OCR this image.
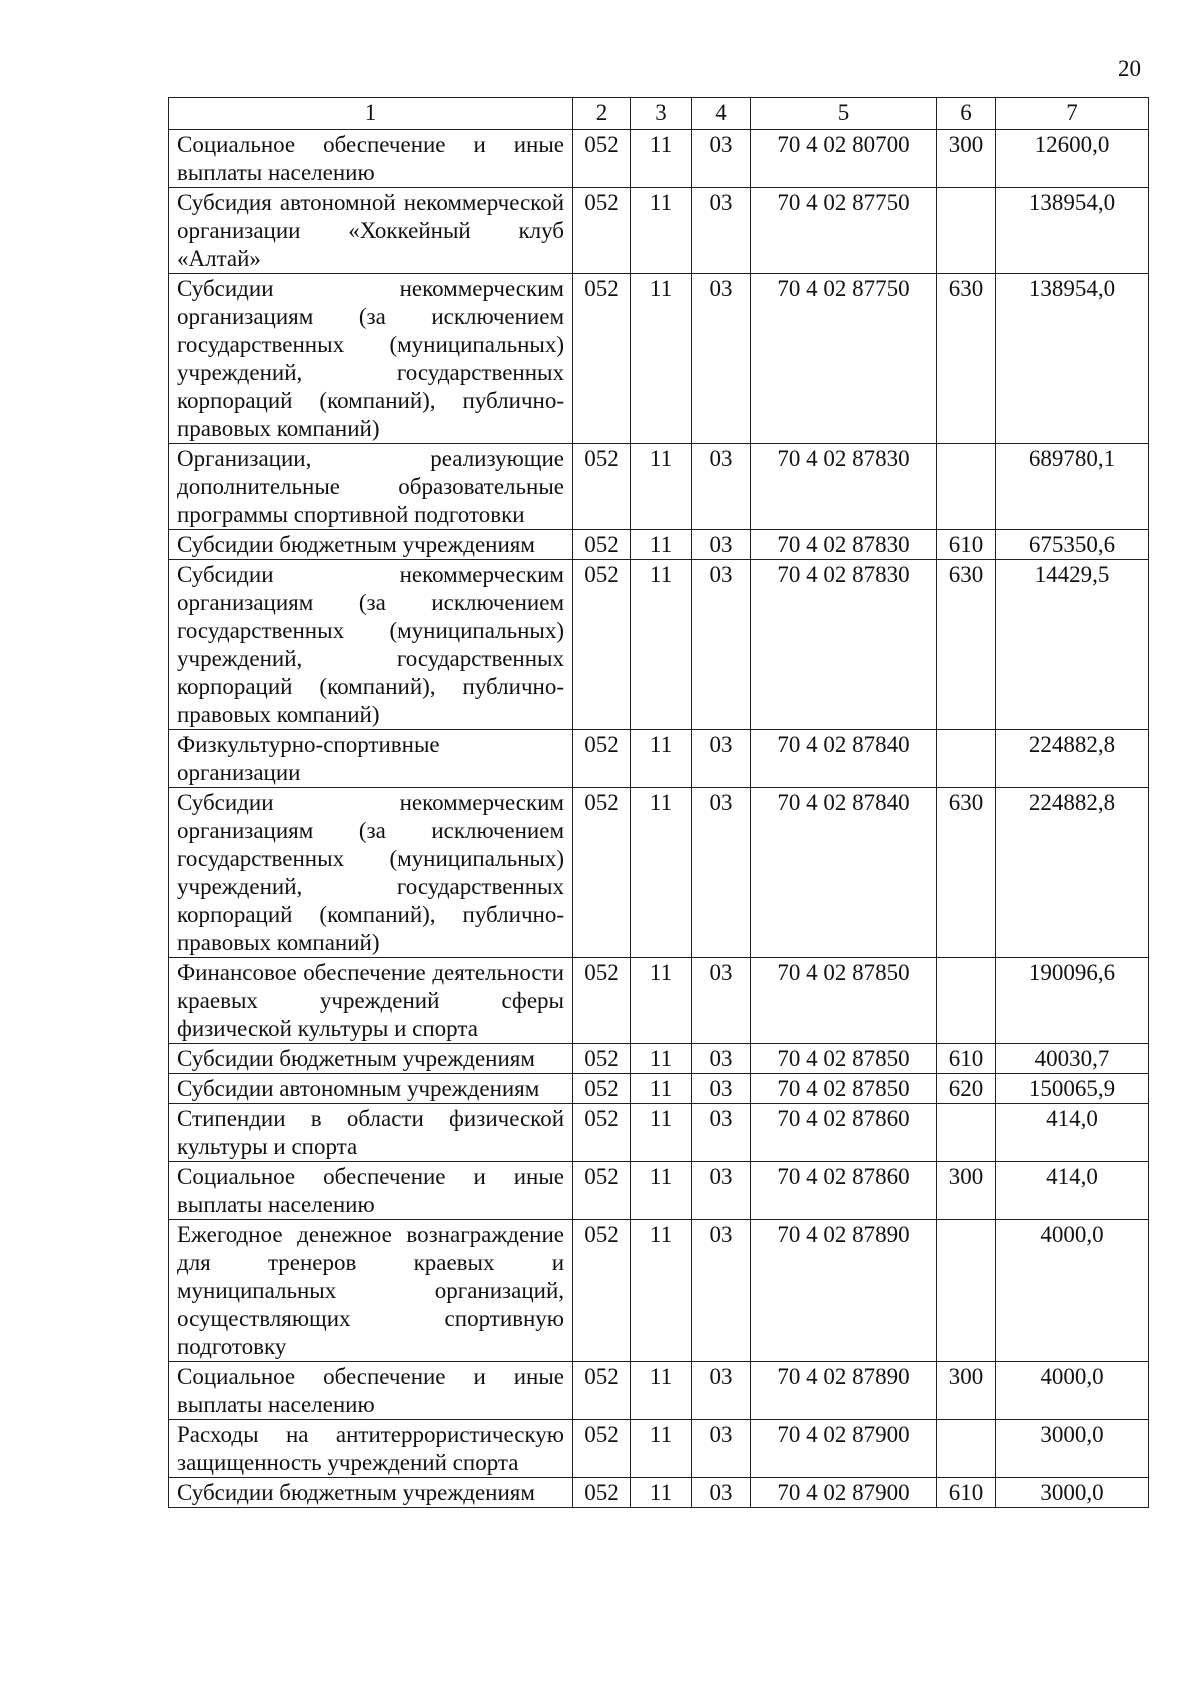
20
1	2	3	4	5	6	7
Социальное обеспечение и иные выплаты населению	052	11	03	70 4 02 80700	300	12600,0
Субсидия автономной некоммерческой организации «Хоккейный клуб «Алтай»	052	11	03	70 4 02 87750		138954,0
Субсидии некоммерческим организациям (за исключением государственных (муниципальных) учреждений, государственных корпораций (компаний), публично-правовых компаний)	052	11	03	70 4 02 87750	630	138954,0
Организации, реализующие дополнительные образовательные программы спортивной подготовки	052	11	03	70 4 02 87830		689780,1
Субсидии бюджетным учреждениям	052	11	03	70 4 02 87830	610	675350,6
Субсидии некоммерческим организациям (за исключением государственных (муниципальных) учреждений, государственных корпораций (компаний), публично-правовых компаний)	052	11	03	70 4 02 87830	630	14429,5
Физкультурно-спортивные организации	052	11	03	70 4 02 87840		224882,8
Субсидии некоммерческим организациям (за исключением государственных (муниципальных) учреждений, государственных корпораций (компаний), публично-правовых компаний)	052	11	03	70 4 02 87840	630	224882,8
Финансовое обеспечение деятельности краевых учреждений сферы физической культуры и спорта	052	11	03	70 4 02 87850		190096,6
Субсидии бюджетным учреждениям	052	11	03	70 4 02 87850	610	40030,7
Субсидии автономным учреждениям	052	11	03	70 4 02 87850	620	150065,9
Стипендии в области физической культуры и спорта	052	11	03	70 4 02 87860		414,0
Социальное обеспечение и иные выплаты населению	052	11	03	70 4 02 87860	300	414,0
Ежегодное денежное вознаграждение для тренеров краевых и муниципальных организаций, осуществляющих спортивную подготовку	052	11	03	70 4 02 87890		4000,0
Социальное обеспечение и иные выплаты населению	052	11	03	70 4 02 87890	300	4000,0
Расходы на антитеррористическую защищенность учреждений спорта	052	11	03	70 4 02 87900		3000,0
Субсидии бюджетным учреждениям	052	11	03	70 4 02 87900	610	3000,0
